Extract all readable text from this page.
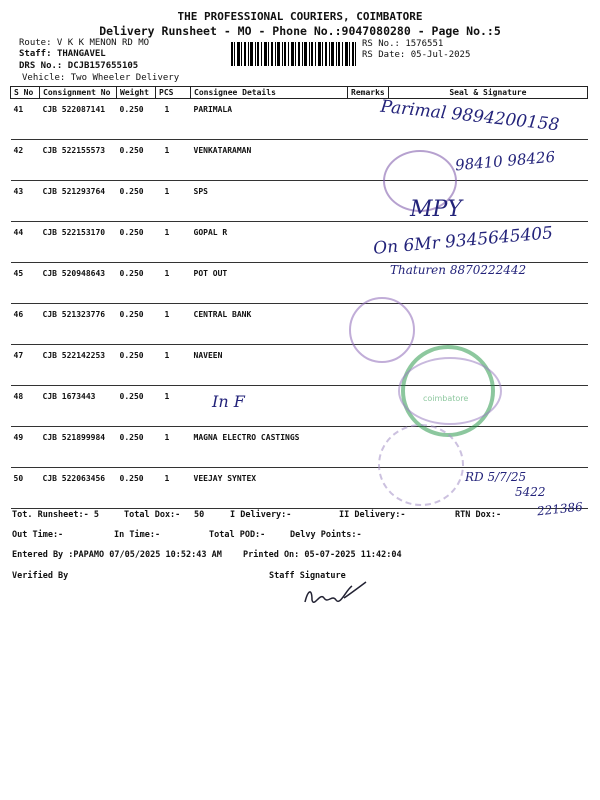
THE PROFESSIONAL COURIERS, COIMBATORE
Delivery Runsheet - MO - Phone No.:9047080280 - Page No.:5
Route: V K K MENON RD MO
Staff: THANGAVEL
DRS No.: DCJB157655105
Vehicle: Two Wheeler Delivery
RS No.: 1576551
RS Date: 05-Jul-2025
S No	Consignment No	Weight	PCS	Consignee Details	Remarks	Seal & Signature
41	CJB 522087141	0.250	1	PARIMALA		
42	CJB 522155573	0.250	1	VENKATARAMAN		
43	CJB 521293764	0.250	1	SPS		
44	CJB 522153170	0.250	1	GOPAL R		
45	CJB 520948643	0.250	1	POT OUT		
46	CJB 521323776	0.250	1	CENTRAL BANK		
47	CJB 522142253	0.250	1	NAVEEN		
48	CJB 1673443	0.250	1			
49	CJB 521899984	0.250	1	MAGNA ELECTRO CASTINGS		
50	CJB 522063456	0.250	1	VEEJAY SYNTEX		
coimbatore
Parimal 9894200158
98410 98426
MPY
On 6Mr 9345645405
Thaturen 8870222442
In F
RD 5/7/25
5422
221386
Tot. Runsheet:- 5	Total Dox:- 50	I Delivery:-	II Delivery:-	RTN Dox:-
Out Time:-	In Time:-	Total POD:-	Delvy Points:-
Entered By :PAPAMO 07/05/2025 10:52:43 AM Printed On: 05-07-2025 11:42:04
Verified By	Staff Signature
